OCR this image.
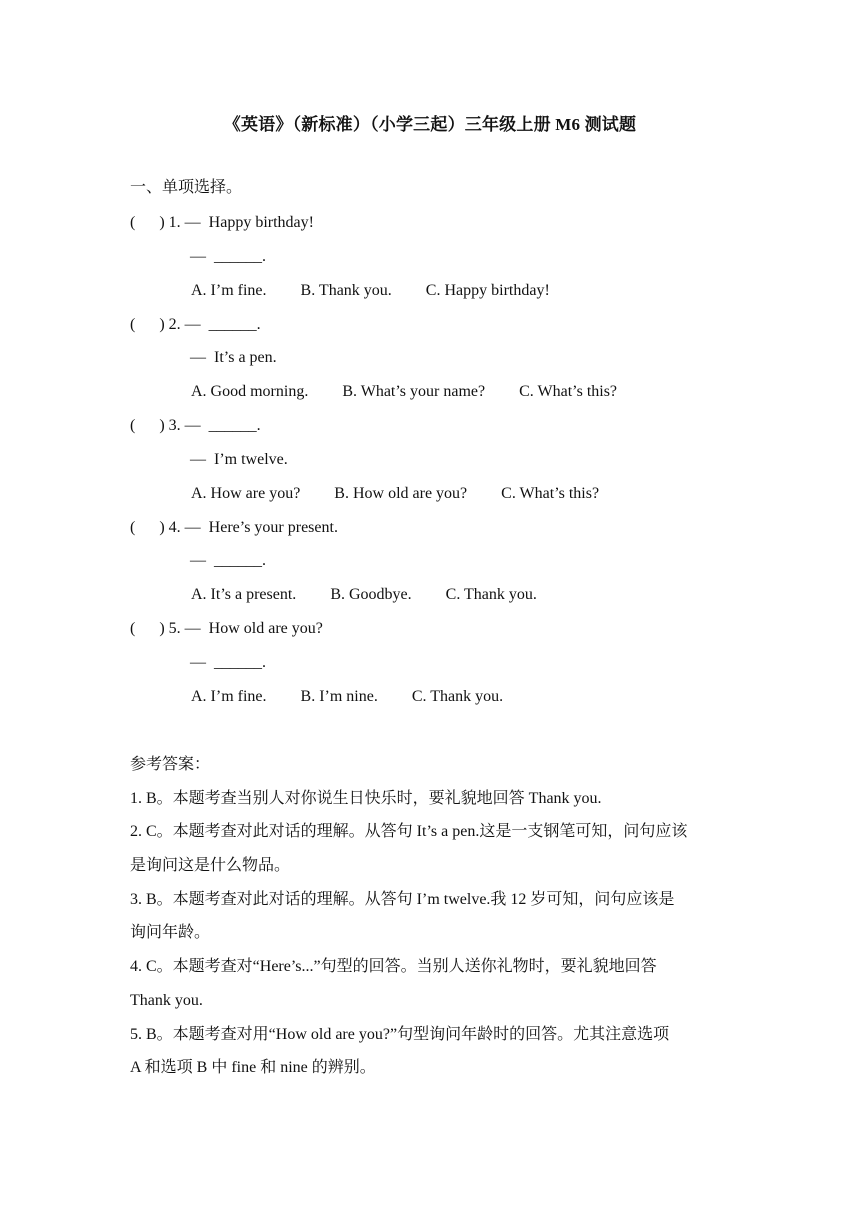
《英语》（新标准）（小学三起）三年级上册 M6 测试题
一、单项选择。
(      ) 1. —  Happy birthday!
—  ______.
A. I’m fine. B. Thank you. C. Happy birthday!
(      ) 2. —  ______.
—  It’s a pen.
A. Good morning. B. What’s your name? C. What’s this?
(      ) 3. —  ______.
—  I’m twelve.
A. How are you? B. How old are you? C. What’s this?
(      ) 4. —  Here’s your present.
—  ______.
A. It’s a present. B. Goodbye. C. Thank you.
(      ) 5. —  How old are you?
—  ______.
A. I’m fine. B. I’m nine. C. Thank you.
参考答案：
1. B。本题考查当别人对你说生日快乐时，要礼貌地回答 Thank you.
2. C。本题考查对此对话的理解。从答句 It’s a pen.这是一支钢笔可知，问句应该
是询问这是什么物品。
3. B。本题考查对此对话的理解。从答句 I’m twelve.我 12 岁可知，问句应该是
询问年龄。
4. C。本题考查对“Here’s...”句型的回答。当别人送你礼物时，要礼貌地回答
Thank you.
5. B。本题考查对用“How old are you?”句型询问年龄时的回答。尤其注意选项
A 和选项 B 中 fine 和 nine 的辨别。
